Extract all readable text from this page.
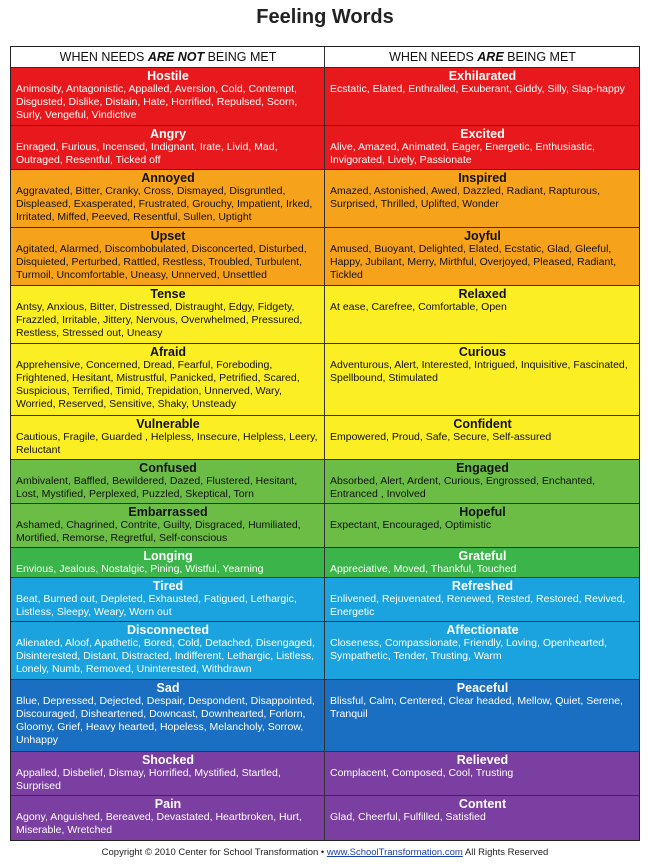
Feeling Words
WHEN NEEDS ARE NOT BEING MET	WHEN NEEDS ARE BEING MET
Hostile
Animosity, Antagonistic, Appalled, Aversion, Cold, Contempt, Disgusted, Dislike, Distain, Hate, Horrified, Repulsed, Scorn, Surly, Vengeful, Vindictive
Exhilarated
Ecstatic, Elated, Enthralled, Exuberant, Giddy, Silly, Slap-happy
Angry
Enraged, Furious, Incensed, Indignant, Irate, Livid, Mad, Outraged, Resentful, Ticked off
Excited
Alive, Amazed, Animated, Eager, Energetic, Enthusiastic, Invigorated, Lively, Passionate
Annoyed
Aggravated, Bitter, Cranky, Cross, Dismayed, Disgruntled, Displeased, Exasperated, Frustrated, Grouchy, Impatient, Irked, Irritated, Miffed, Peeved, Resentful, Sullen, Uptight
Inspired
Amazed, Astonished, Awed, Dazzled, Radiant, Rapturous, Surprised, Thrilled, Uplifted, Wonder
Upset
Agitated, Alarmed, Discombobulated, Disconcerted, Disturbed, Disquieted, Perturbed, Rattled, Restless, Troubled, Turbulent, Turmoil, Uncomfortable, Uneasy, Unnerved, Unsettled
Joyful
Amused, Buoyant, Delighted, Elated, Ecstatic, Glad, Gleeful, Happy, Jubilant, Merry, Mirthful, Overjoyed, Pleased, Radiant, Tickled
Tense
Antsy, Anxious, Bitter, Distressed, Distraught, Edgy, Fidgety, Frazzled, Irritable, Jittery, Nervous, Overwhelmed, Pressured, Restless, Stressed out, Uneasy
Relaxed
At ease, Carefree, Comfortable, Open
Afraid
Apprehensive, Concerned, Dread, Fearful, Foreboding, Frightened, Hesitant, Mistrustful, Panicked, Petrified, Scared, Suspicious, Terrified, Timid, Trepidation, Unnerved, Wary, Worried, Reserved, Sensitive, Shaky, Unsteady
Curious
Adventurous, Alert, Interested, Intrigued, Inquisitive, Fascinated, Spellbound, Stimulated
Vulnerable
Cautious, Fragile, Guarded , Helpless, Insecure, Helpless, Leery, Reluctant
Confident
Empowered, Proud, Safe, Secure, Self-assured
Confused
Ambivalent, Baffled, Bewildered, Dazed, Flustered, Hesitant, Lost, Mystified, Perplexed, Puzzled, Skeptical, Torn
Engaged
Absorbed, Alert, Ardent, Curious, Engrossed, Enchanted, Entranced , Involved
Embarrassed
Ashamed, Chagrined, Contrite, Guilty, Disgraced, Humiliated, Mortified, Remorse, Regretful, Self-conscious
Hopeful
Expectant, Encouraged, Optimistic
Longing
Envious, Jealous, Nostalgic, Pining, Wistful, Yearning
Grateful
Appreciative, Moved, Thankful, Touched
Tired
Beat, Burned out, Depleted, Exhausted, Fatigued, Lethargic, Listless, Sleepy, Weary, Worn out
Refreshed
Enlivened, Rejuvenated, Renewed, Rested, Restored, Revived, Energetic
Disconnected
Alienated, Aloof, Apathetic, Bored, Cold, Detached, Disengaged, Disinterested, Distant, Distracted, Indifferent, Lethargic, Listless, Lonely, Numb, Removed, Uninterested, Withdrawn
Affectionate
Closeness, Compassionate, Friendly, Loving, Openhearted, Sympathetic, Tender, Trusting, Warm
Sad
Blue, Depressed, Dejected, Despair, Despondent, Disappointed, Discouraged, Disheartened, Downcast, Downhearted, Forlorn, Gloomy, Grief, Heavy hearted, Hopeless, Melancholy, Sorrow, Unhappy
Peaceful
Blissful, Calm, Centered, Clear headed, Mellow, Quiet, Serene, Tranquil
Shocked
Appalled, Disbelief, Dismay, Horrified, Mystified, Startled, Surprised
Relieved
Complacent, Composed, Cool, Trusting
Pain
Agony, Anguished, Bereaved, Devastated, Heartbroken, Hurt, Miserable, Wretched
Content
Glad, Cheerful, Fulfilled, Satisfied
Copyright © 2010 Center for School Transformation • www.SchoolTransformation.com All Rights Reserved
